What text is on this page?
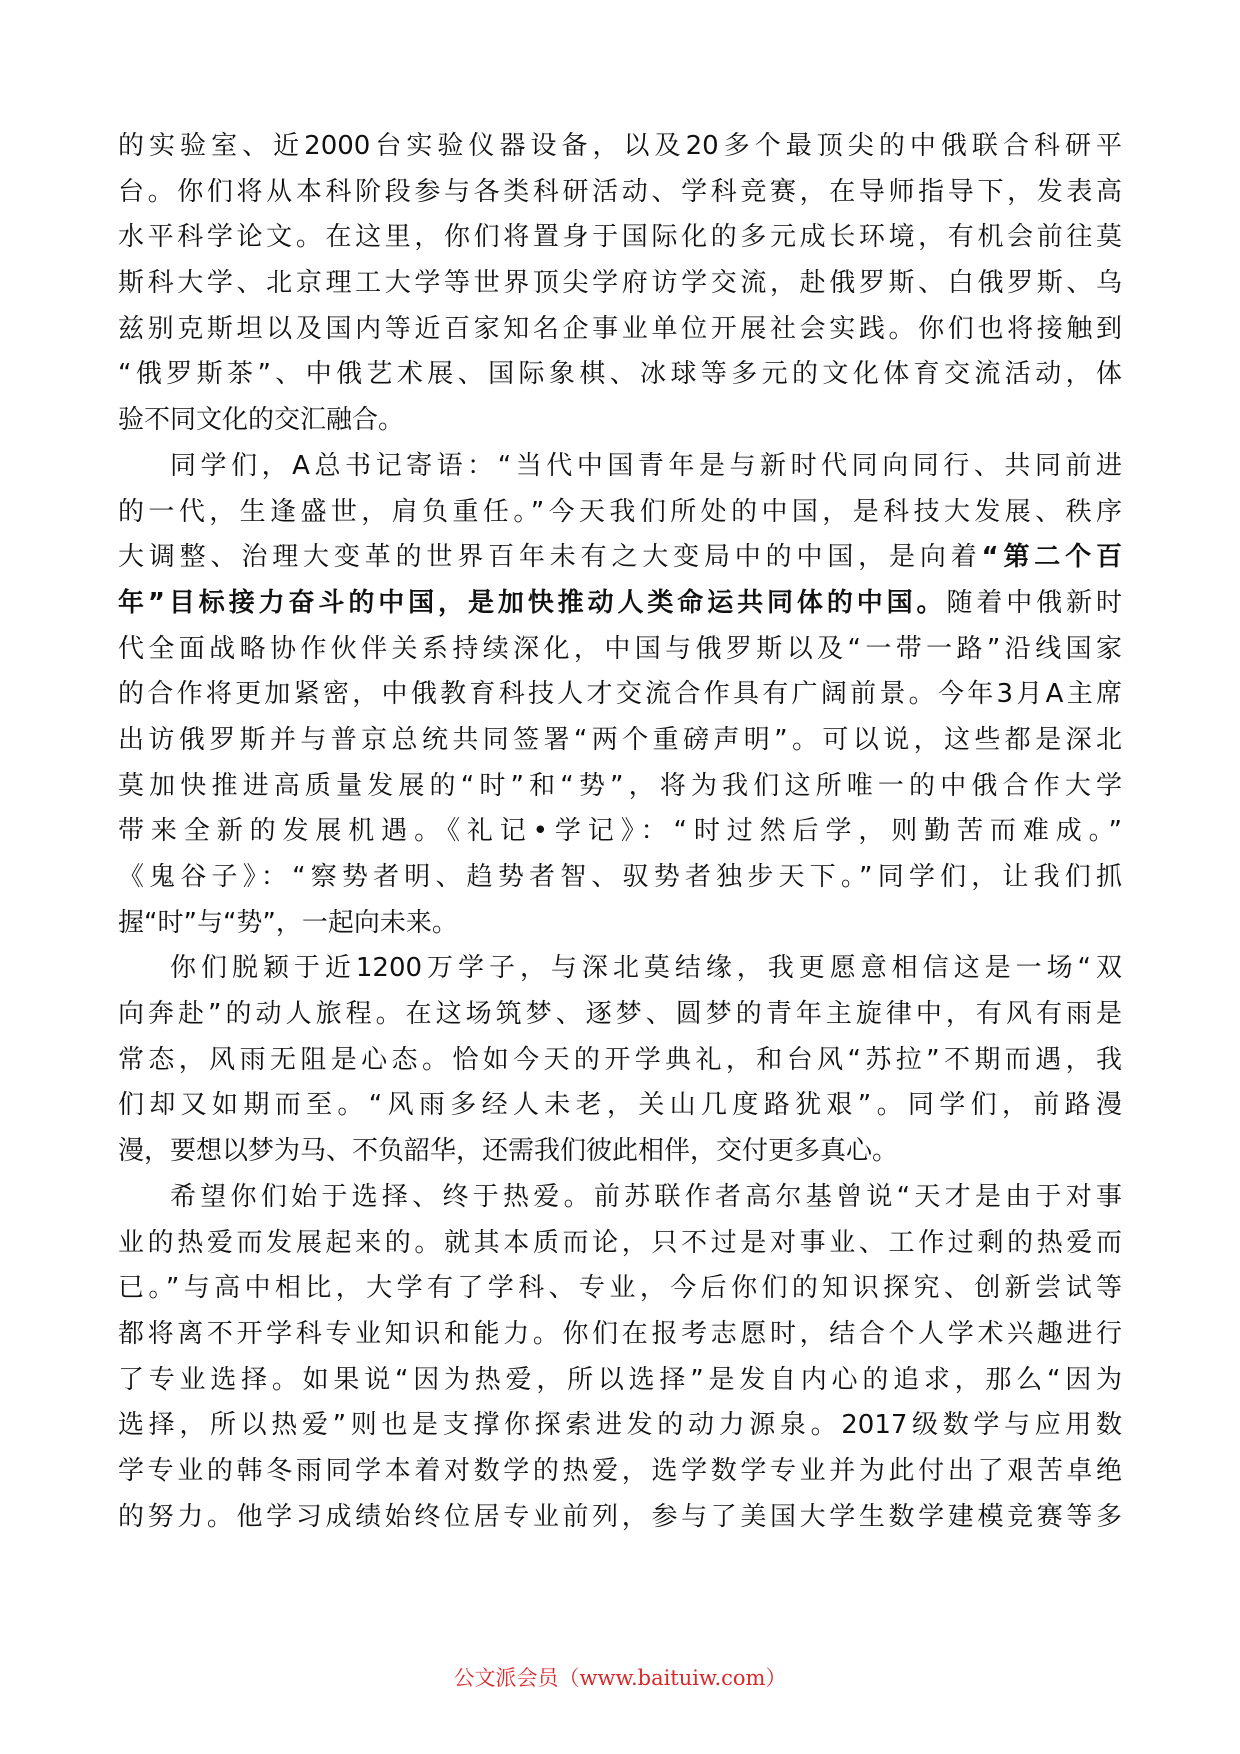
的实验室、近2000台实验仪器设备，以及20多个最顶尖的中俄联合科研平
台。你们将从本科阶段参与各类科研活动、学科竞赛，在导师指导下，发表高
水平科学论文。在这里，你们将置身于国际化的多元成长环境，有机会前往莫
斯科大学、北京理工大学等世界顶尖学府访学交流，赴俄罗斯、白俄罗斯、乌
兹别克斯坦以及国内等近百家知名企事业单位开展社会实践。你们也将接触到
“俄罗斯茶”、中俄艺术展、国际象棋、冰球等多元的文化体育交流活动，体
验不同文化的交汇融合。
同学们，A总书记寄语：“当代中国青年是与新时代同向同行、共同前进
的一代，生逢盛世，肩负重任。”今天我们所处的中国，是科技大发展、秩序
大调整、治理大变革的世界百年未有之大变局中的中国，是向着“第二个百
年”目标接力奋斗的中国，是加快推动人类命运共同体的中国。随着中俄新时
代全面战略协作伙伴关系持续深化，中国与俄罗斯以及“一带一路”沿线国家
的合作将更加紧密，中俄教育科技人才交流合作具有广阔前景。今年3月A主席
出访俄罗斯并与普京总统共同签署“两个重磅声明”。可以说，这些都是深北
莫加快推进高质量发展的“时”和“势”，将为我们这所唯一的中俄合作大学
带来全新的发展机遇。《礼记•学记》：“时过然后学，则勤苦而难成。”
《鬼谷子》：“察势者明、趋势者智、驭势者独步天下。”同学们，让我们抓
握“时”与“势”，一起向未来。
你们脱颖于近1200万学子，与深北莫结缘，我更愿意相信这是一场“双
向奔赴”的动人旅程。在这场筑梦、逐梦、圆梦的青年主旋律中，有风有雨是
常态，风雨无阻是心态。恰如今天的开学典礼，和台风“苏拉”不期而遇，我
们却又如期而至。“风雨多经人未老，关山几度路犹艰”。同学们，前路漫
漫，要想以梦为马、不负韶华，还需我们彼此相伴，交付更多真心。
希望你们始于选择、终于热爱。前苏联作者高尔基曾说“天才是由于对事
业的热爱而发展起来的。就其本质而论，只不过是对事业、工作过剩的热爱而
已。”与高中相比，大学有了学科、专业，今后你们的知识探究、创新尝试等
都将离不开学科专业知识和能力。你们在报考志愿时，结合个人学术兴趣进行
了专业选择。如果说“因为热爱，所以选择”是发自内心的追求，那么“因为
选择，所以热爱”则也是支撑你探索进发的动力源泉。2017级数学与应用数
学专业的韩冬雨同学本着对数学的热爱，选学数学专业并为此付出了艰苦卓绝
的努力。他学习成绩始终位居专业前列，参与了美国大学生数学建模竞赛等多
公文派会员（www.baituiw.com）
